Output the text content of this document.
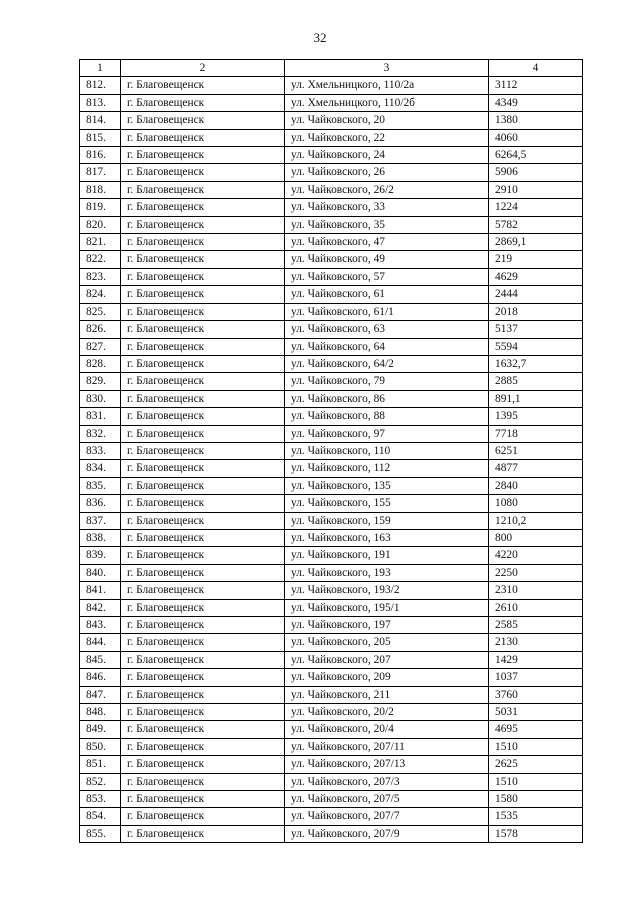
32
1	2	3	4
812.	г. Благовещенск	ул. Хмельницкого, 110/2а	3112
813.	г. Благовещенск	ул. Хмельницкого, 110/2б	4349
814.	г. Благовещенск	ул. Чайковского, 20	1380
815.	г. Благовещенск	ул. Чайковского, 22	4060
816.	г. Благовещенск	ул. Чайковского, 24	6264,5
817.	г. Благовещенск	ул. Чайковского, 26	5906
818.	г. Благовещенск	ул. Чайковского, 26/2	2910
819.	г. Благовещенск	ул. Чайковского, 33	1224
820.	г. Благовещенск	ул. Чайковского, 35	5782
821.	г. Благовещенск	ул. Чайковского, 47	2869,1
822.	г. Благовещенск	ул. Чайковского, 49	219
823.	г. Благовещенск	ул. Чайковского, 57	4629
824.	г. Благовещенск	ул. Чайковского, 61	2444
825.	г. Благовещенск	ул. Чайковского, 61/1	2018
826.	г. Благовещенск	ул. Чайковского, 63	5137
827.	г. Благовещенск	ул. Чайковского, 64	5594
828.	г. Благовещенск	ул. Чайковского, 64/2	1632,7
829.	г. Благовещенск	ул. Чайковского, 79	2885
830.	г. Благовещенск	ул. Чайковского, 86	891,1
831.	г. Благовещенск	ул. Чайковского, 88	1395
832.	г. Благовещенск	ул. Чайковского, 97	7718
833.	г. Благовещенск	ул. Чайковского, 110	6251
834.	г. Благовещенск	ул. Чайковского, 112	4877
835.	г. Благовещенск	ул. Чайковского, 135	2840
836.	г. Благовещенск	ул. Чайковского, 155	1080
837.	г. Благовещенск	ул. Чайковского, 159	1210,2
838.	г. Благовещенск	ул. Чайковского, 163	800
839.	г. Благовещенск	ул. Чайковского, 191	4220
840.	г. Благовещенск	ул. Чайковского, 193	2250
841.	г. Благовещенск	ул. Чайковского, 193/2	2310
842.	г. Благовещенск	ул. Чайковского, 195/1	2610
843.	г. Благовещенск	ул. Чайковского, 197	2585
844.	г. Благовещенск	ул. Чайковского, 205	2130
845.	г. Благовещенск	ул. Чайковского, 207	1429
846.	г. Благовещенск	ул. Чайковского, 209	1037
847.	г. Благовещенск	ул. Чайковского, 211	3760
848.	г. Благовещенск	ул. Чайковского, 20/2	5031
849.	г. Благовещенск	ул. Чайковского, 20/4	4695
850.	г. Благовещенск	ул. Чайковского, 207/11	1510
851.	г. Благовещенск	ул. Чайковского, 207/13	2625
852.	г. Благовещенск	ул. Чайковского, 207/3	1510
853.	г. Благовещенск	ул. Чайковского, 207/5	1580
854.	г. Благовещенск	ул. Чайковского, 207/7	1535
855.	г. Благовещенск	ул. Чайковского, 207/9	1578
